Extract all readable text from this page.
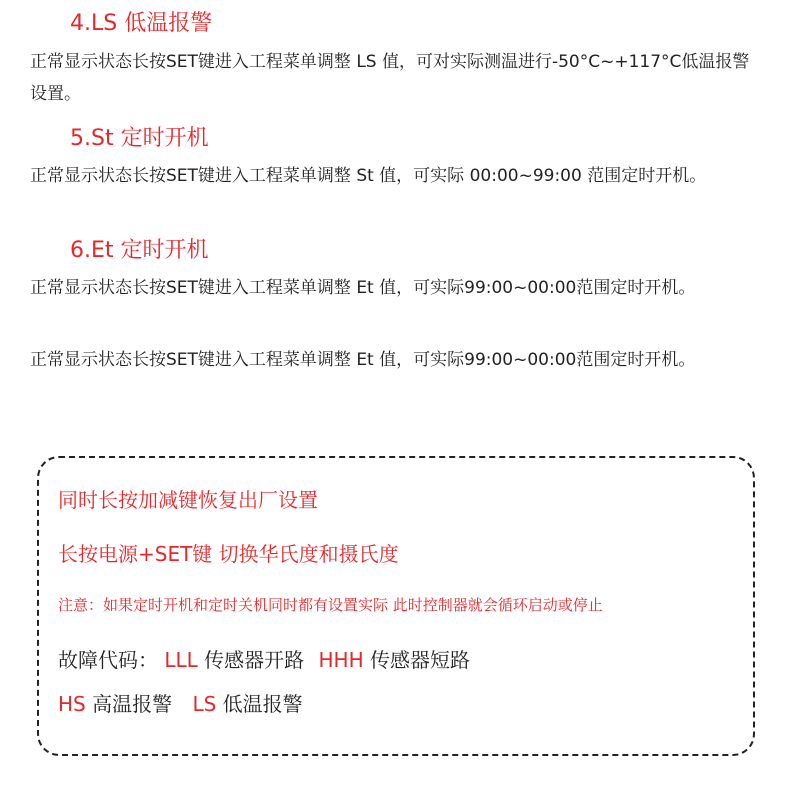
4.LS 低温报警

正常显示状态长按SET键进入工程菜单调整 LS 值，可对实际测温进行-50°C~+117°C低温报警设置。

5.St 定时开机

正常显示状态长按SET键进入工程菜单调整 St 值，可实际 00:00~99:00 范围定时开机。

6.Et 定时开机

正常显示状态长按SET键进入工程菜单调整 Et 值，可实际99:00~00:00范围定时开机。

正常显示状态长按SET键进入工程菜单调整 Et 值，可实际99:00~00:00范围定时开机。

同时长按加减键恢复出厂设置
长按电源+SET键 切换华氏度和摄氏度
注意：如果定时开机和定时关机同时都有设置实际 此时控制器就会循环启动或停止
故障代码： LLL 传感器开路 HHH 传感器短路
HS 高温报警 LS 低温报警
